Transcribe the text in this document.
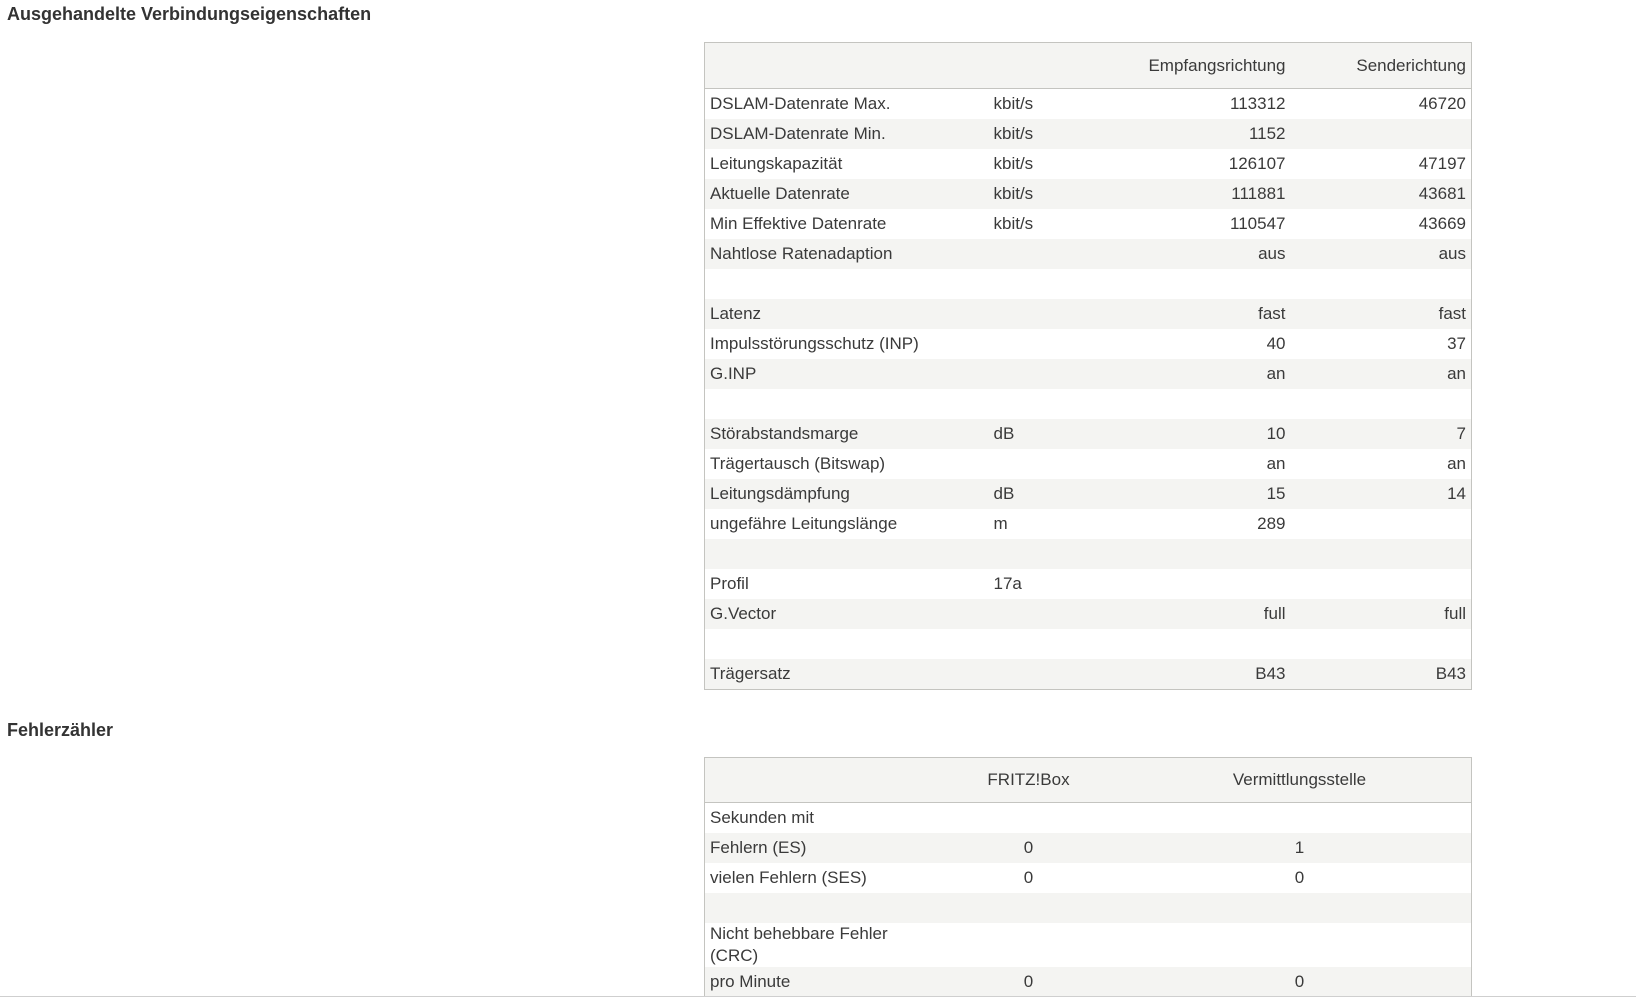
Ausgehandelte Verbindungseigenschaften
		Empfangsrichtung	Senderichtung
DSLAM-Datenrate Max.	kbit/s	113312	46720
DSLAM-Datenrate Min.	kbit/s	1152	
Leitungskapazität	kbit/s	126107	47197
Aktuelle Datenrate	kbit/s	111881	43681
Min Effektive Datenrate	kbit/s	110547	43669
Nahtlose Ratenadaption		aus	aus

Latenz		fast	fast
Impulsstörungsschutz (INP)		40	37
G.INP		an	an

Störabstandsmarge	dB	10	7
Trägertausch (Bitswap)		an	an
Leitungsdämpfung	dB	15	14
ungefähre Leitungslänge	m	289	

Profil	17a		
G.Vector		full	full

Trägersatz		B43	B43
Fehlerzähler
	FRITZ!Box	Vermittlungsstelle	
Sekunden mit			
Fehlern (ES)	0	1	
vielen Fehlern (SES)	0	0	

Nicht behebbare Fehler (CRC)			
pro Minute	0	0	
